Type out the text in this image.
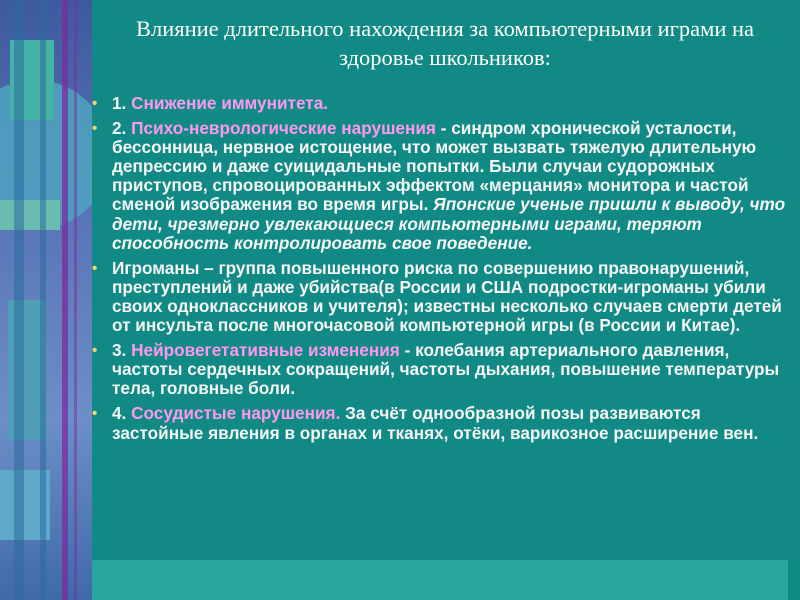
Влияние длительного нахождения за компьютерными играми на здоровье школьников:
• 1. Снижение иммунитета.
• 2. Психо-неврологические нарушения - синдром хронической усталости, бессонница, нервное истощение, что может вызвать тяжелую длительную депрессию и даже суицидальные попытки. Были случаи судорожных приступов, спровоцированных эффектом «мерцания» монитора и частой сменой изображения во время игры. Японские ученые пришли к выводу, что дети, чрезмерно увлекающиеся компьютерными играми, теряют способность контролировать свое поведение.
• Игроманы – группа повышенного риска по совершению правонарушений, преступлений и даже убийства(в России и США подростки-игроманы убили своих одноклассников и учителя); известны несколько случаев смерти детей от инсульта после многочасовой компьютерной игры (в России и Китае).
• 3. Нейровегетативные изменения - колебания артериального давления, частоты сердечных сокращений, частоты дыхания, повышение температуры тела, головные боли.
• 4. Сосудистые нарушения. За счёт однообразной позы развиваются застойные явления в органах и тканях, отёки, варикозное расширение вен.
